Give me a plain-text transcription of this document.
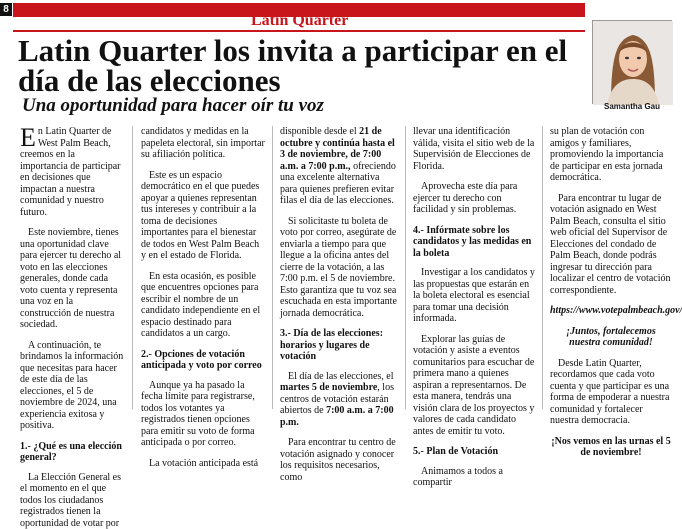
8
Latin Quarter
Latin Quarter los invita a participar en el día de las elecciones
Una oportunidad para hacer oír tu voz	Samantha Gau

En Latin Quarter de West Palm Beach, creemos en la importancia de participar en decisiones que impactan a nuestra comunidad y nuestro futuro.

Este noviembre, tienes una oportunidad clave para ejercer tu derecho al voto en las elecciones generales, donde cada voto cuenta y representa una voz en la construcción de nuestra sociedad.

A continuación, te brindamos la información que necesitas para hacer de este día de las elecciones, el 5 de noviembre de 2024, una experiencia exitosa y positiva.

1.- ¿Qué es una elección general?

La Elección General es el momento en el que todos los ciudadanos registrados tienen la oportunidad de votar por

candidatos y medidas en la papeleta electoral, sin importar su afiliación política.

Este es un espacio democrático en el que puedes apoyar a quienes representan tus intereses y contribuir a la toma de decisiones importantes para el bienestar de todos en West Palm Beach y en el estado de Florida.

En esta ocasión, es posible que encuentres opciones para escribir el nombre de un candidato independiente en el espacio destinado para candidatos a un cargo.

2.- Opciones de votación anticipada y voto por correo

Aunque ya ha pasado la fecha límite para registrarse, todos los votantes ya registrados tienen opciones para emitir su voto de forma anticipada o por correo.

La votación anticipada está

disponible desde el 21 de octubre y continúa hasta el 3 de noviembre, de 7:00 a.m. a 7:00 p.m., ofreciendo una excelente alternativa para quienes prefieren evitar filas el día de las elecciones.

Si solicitaste tu boleta de voto por correo, asegúrate de enviarla a tiempo para que llegue a la oficina antes del cierre de la votación, a las 7:00 p.m. el 5 de noviembre. Esto garantiza que tu voz sea escuchada en esta importante jornada democrática.

3.- Día de las elecciones: horarios y lugares de votación

El día de las elecciones, el martes 5 de noviembre, los centros de votación estarán abiertos de 7:00 a.m. a 7:00 p.m.

Para encontrar tu centro de votación asignado y conocer los requisitos necesarios, como

llevar una identificación válida, visita el sitio web de la Supervisión de Elecciones de Florida.

Aprovecha este día para ejercer tu derecho con facilidad y sin problemas.

4.- Infórmate sobre los candidatos y las medidas en la boleta

Investigar a los candidatos y las propuestas que estarán en la boleta electoral es esencial para tomar una decisión informada.

Explorar las guías de votación y asiste a eventos comunitarios para escuchar de primera mano a quienes aspiran a representarnos. De esta manera, tendrás una visión clara de los proyectos y valores de cada candidato antes de emitir tu voto.

5.- Plan de Votación

Animamos a todos a compartir

su plan de votación con amigos y familiares, promoviendo la importancia de participar en esta jornada democrática.

Para encontrar tu lugar de votación asignado en West Palm Beach, consulta el sitio web oficial del Supervisor de Elecciones del condado de Palm Beach, donde podrás ingresar tu dirección para localizar el centro de votación correspondiente.

https://www.votepalmbeach.gov/

¡Juntos, fortalecemos nuestra comunidad!

Desde Latin Quarter, recordamos que cada voto cuenta y que participar es una forma de empoderar a nuestra comunidad y fortalecer nuestra democracia.

¡Nos vemos en las urnas el 5 de noviembre!
